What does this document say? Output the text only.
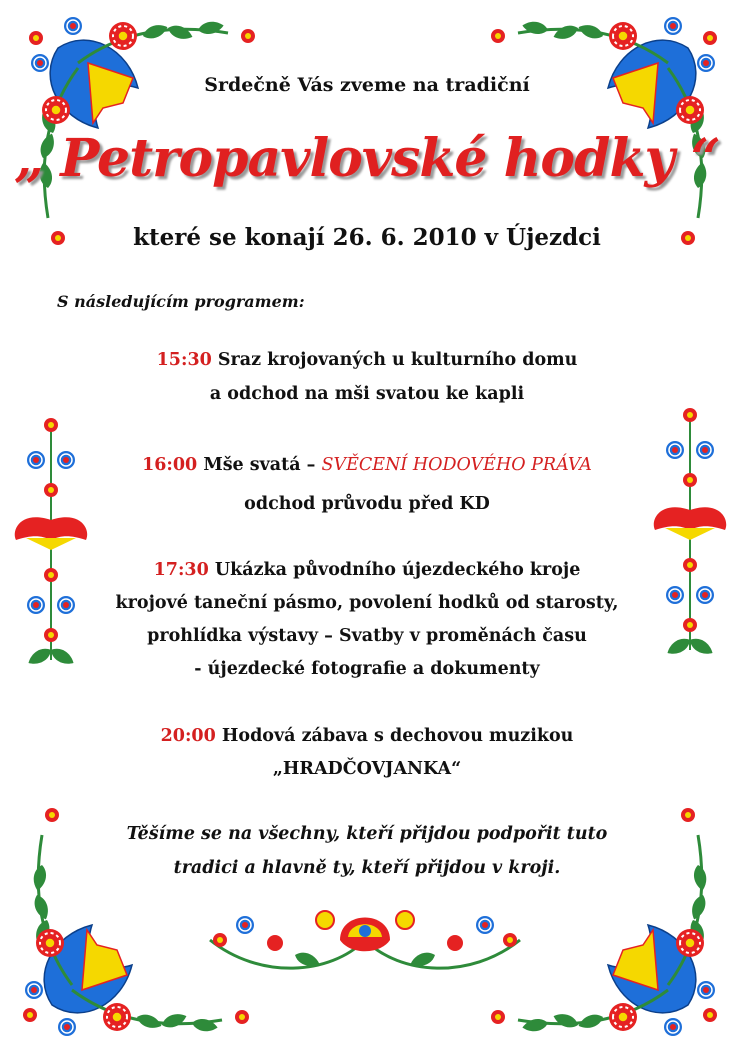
Srdečně Vás zveme na tradiční
„ Petropavlovské hodky “
které se konají 26. 6. 2010 v Újezdci
S následujícím programem:
15:30 Sraz krojovaných u kulturního domu
a odchod na mši svatou ke kapli
16:00 Mše svatá – SVĚCENÍ HODOVÉHO PRÁVA
odchod průvodu před KD
17:30 Ukázka původního újezdeckého kroje
krojové taneční pásmo, povolení hodků od starosty,
prohlídka výstavy – Svatby v proměnách času
- újezdecké fotografie a dokumenty
20:00 Hodová zábava s dechovou muzikou
„HRADČOVJANKA“
Těšíme se na všechny, kteří přijdou podpořit tuto
tradici a hlavně ty, kteří přijdou v kroji.
